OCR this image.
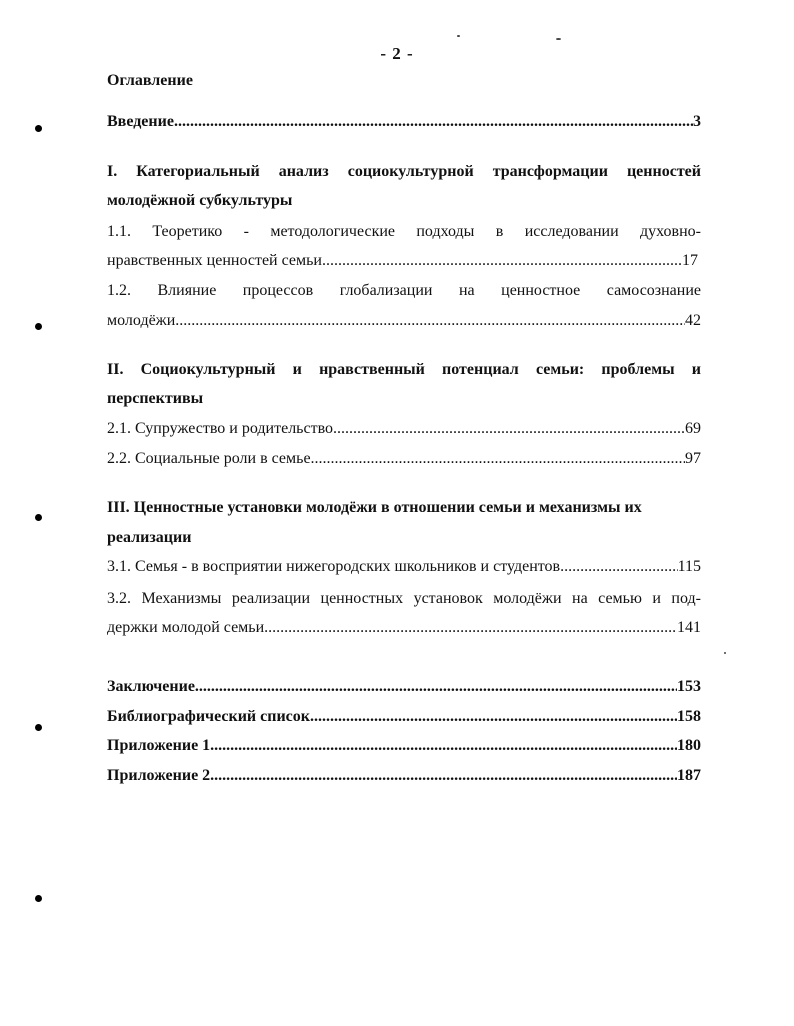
- 2 -
Оглавление
Введение .....	3
I. Категориальный анализ социокультурной трансформации ценностей
молодёжной субкультуры
1.1. Теоретико - методологические подходы в исследовании духовно-
нравственных ценностей семьи .....	17
1.2. Влияние процессов глобализации на ценностное самосознание
молодёжи .....	42
II. Социокультурный и нравственный потенциал семьи: проблемы и
перспективы
2.1. Супружество и родительство .....	69
2.2. Социальные роли в семье .....	97
III. Ценностные установки молодёжи в отношении семьи и механизмы их
реализации
3.1. Семья - в восприятии нижегородских школьников и студентов .....	115
3.2. Механизмы реализации ценностных установок молодёжи на семью и под-
держки молодой семьи .....	141
Заключение .....	153
Библиографический список .....	158
Приложение 1 .....	180
Приложение 2 .....	187
